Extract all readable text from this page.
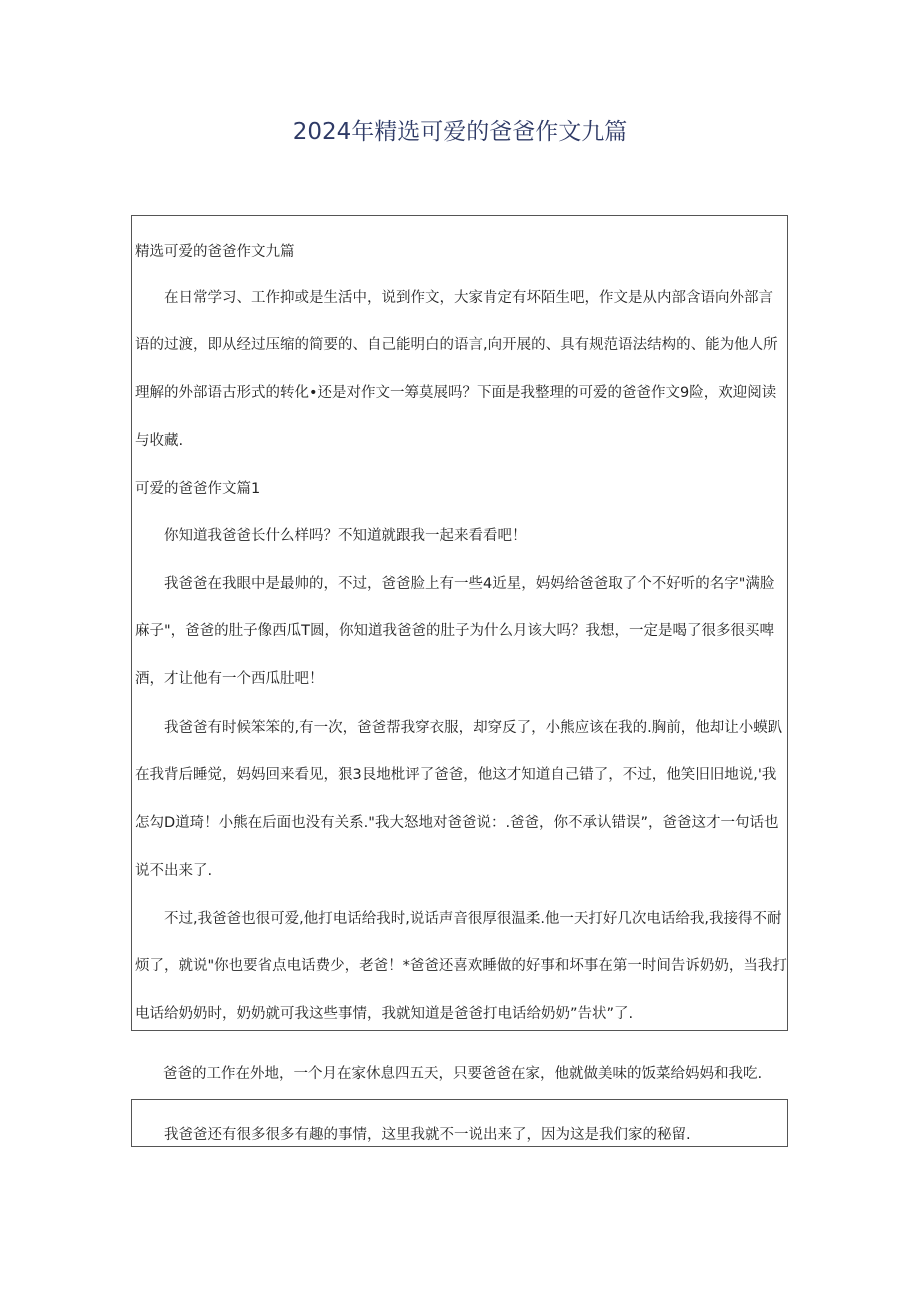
2024年精选可爱的爸爸作文九篇
精选可爱的爸爸作文九篇
在日常学习、工作抑或是生活中，说到作文，大家肯定有坏陌生吧，作文是从内部含语向外部言
语的过渡，即从经过压缩的简要的、自己能明白的语言,向开展的、具有规范语法结构的、能为他人所
理解的外部语古形式的转化•还是对作文一筹莫展吗？下面是我整理的可爱的爸爸作文9险，欢迎阅读
与收藏.
可爱的爸爸作文篇1
你知道我爸爸长什么样吗？不知道就跟我一起来看看吧！
我爸爸在我眼中是最帅的，不过，爸爸脸上有一些4近星，妈妈给爸爸取了个不好听的名字"满脸
麻子"，爸爸的肚子像西瓜T圆，你知道我爸爸的肚子为什么月该大吗？我想，一定是喝了很多很买啤
酒，才让他有一个西瓜肚吧！
我爸爸有时候笨笨的,有一次，爸爸帮我穿衣服，却穿反了，小熊应该在我的.胸前，他却让小蟆趴
在我背后睡觉，妈妈回来看见，狠3艮地枇评了爸爸，他这才知道自己错了，不过，他笑旧旧地说,'我
怎勾D道琦！小熊在后面也没有关系."我大怒地对爸爸说：.爸爸，你不承认错误”，爸爸这才一句话也
说不出来了.
不过,我爸爸也很可爱,他打电话给我时,说话声音很厚很温柔.他一天打好几次电话给我,我接得不耐
烦了，就说"你也要省点电话费少，老爸！*爸爸还喜欢睡做的好事和坏事在第一时间告诉奶奶，当我打
电话给奶奶时，奶奶就可我这些事情，我就知道是爸爸打电话给奶奶”告状”了.
爸爸的工作在外地，一个月在家休息四五天，只要爸爸在家，他就做美味的饭菜给妈妈和我吃.
我爸爸还有很多很多有趣的事情，这里我就不一说出来了，因为这是我们家的秘留.
